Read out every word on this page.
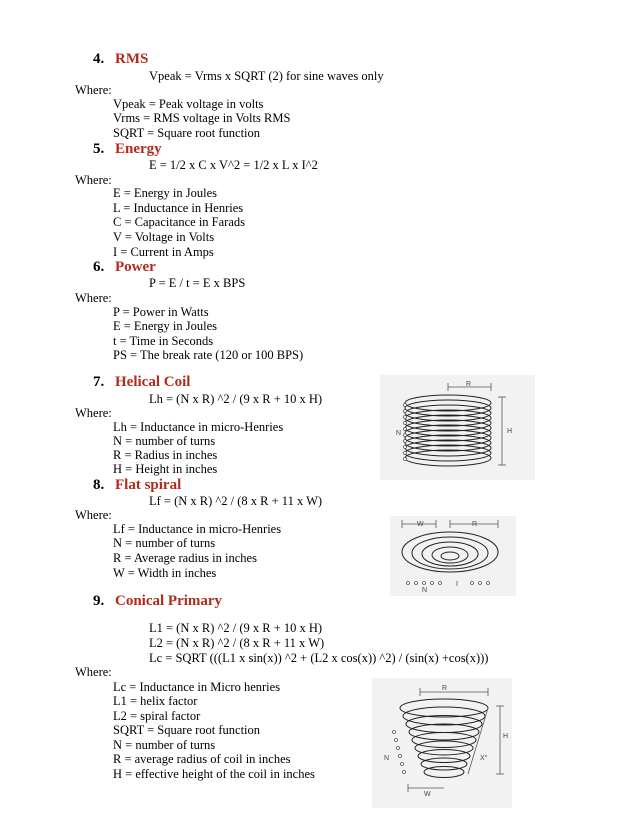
4. RMS
Vpeak = Vrms x SQRT (2) for sine waves only
Where:
Vpeak = Peak voltage in volts
Vrms = RMS voltage in Volts RMS
SQRT = Square root function
5. Energy
E = 1/2 x C x V^2 = 1/2 x L x I^2
Where:
E = Energy in Joules
L = Inductance in Henries
C = Capacitance in Farads
V = Voltage in Volts
I = Current in Amps
6. Power
P = E / t = E x BPS
Where:
P = Power in Watts
E = Energy in Joules
t = Time in Seconds
PS = The break rate (120 or 100 BPS)
7. Helical Coil
Lh = (N x R) ^2 / (9 x R + 10 x H)
Where:
Lh = Inductance in micro-Henries
N = number of turns
R = Radius in inches
H = Height in inches
8. Flat spiral
Lf = (N x R) ^2 / (8 x R + 11 x W)
Where:
Lf = Inductance in micro-Henries
N = number of turns
R = Average radius in inches
W = Width in inches
9. Conical Primary
L1 = (N x R) ^2 / (9 x R + 10 x H)
L2 = (N x R) ^2 / (8 x R + 11 x W)
Lc = SQRT (((L1 x sin(x)) ^2 + (L2 x cos(x)) ^2) / (sin(x) +cos(x)))
Where:
Lc = Inductance in Micro henries
L1 = helix factor
L2 = spiral factor
SQRT = Square root function
N = number of turns
R = average radius of coil in inches
H = effective height of the coil in inches
R
N	H
W	R
N
I
R
H
N
W
X°
